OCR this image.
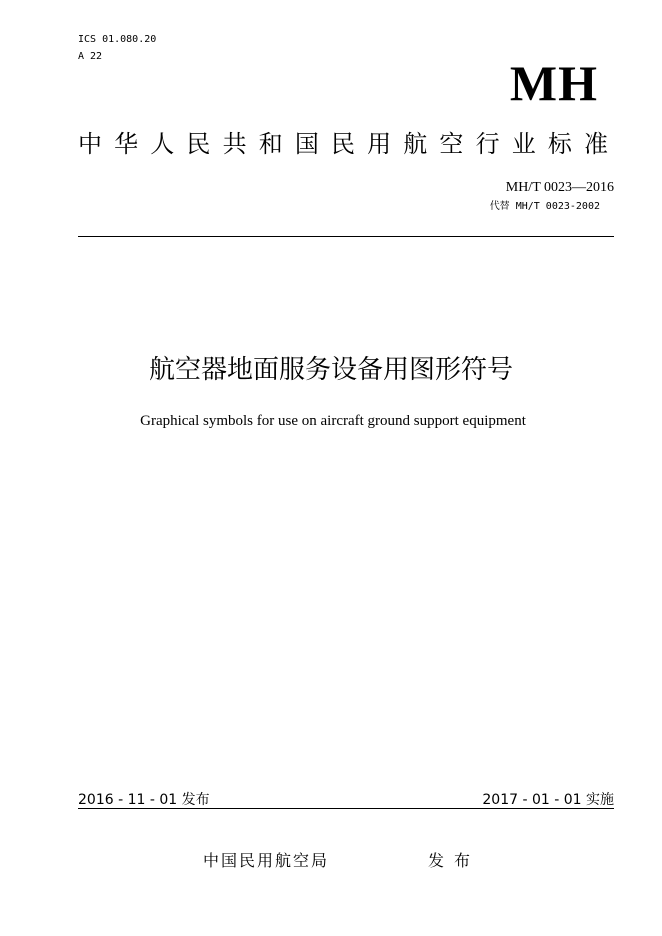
ICS 01.080.20
A 22	MH
中华人民共和国民用航空行业标准
MH/T 0023—2016
代替 MH/T 0023-2002
航空器地面服务设备用图形符号
Graphical symbols for use on aircraft ground support equipment
2016 - 11 - 01 发布	2017 - 01 - 01 实施
中国民用航空局	发布
